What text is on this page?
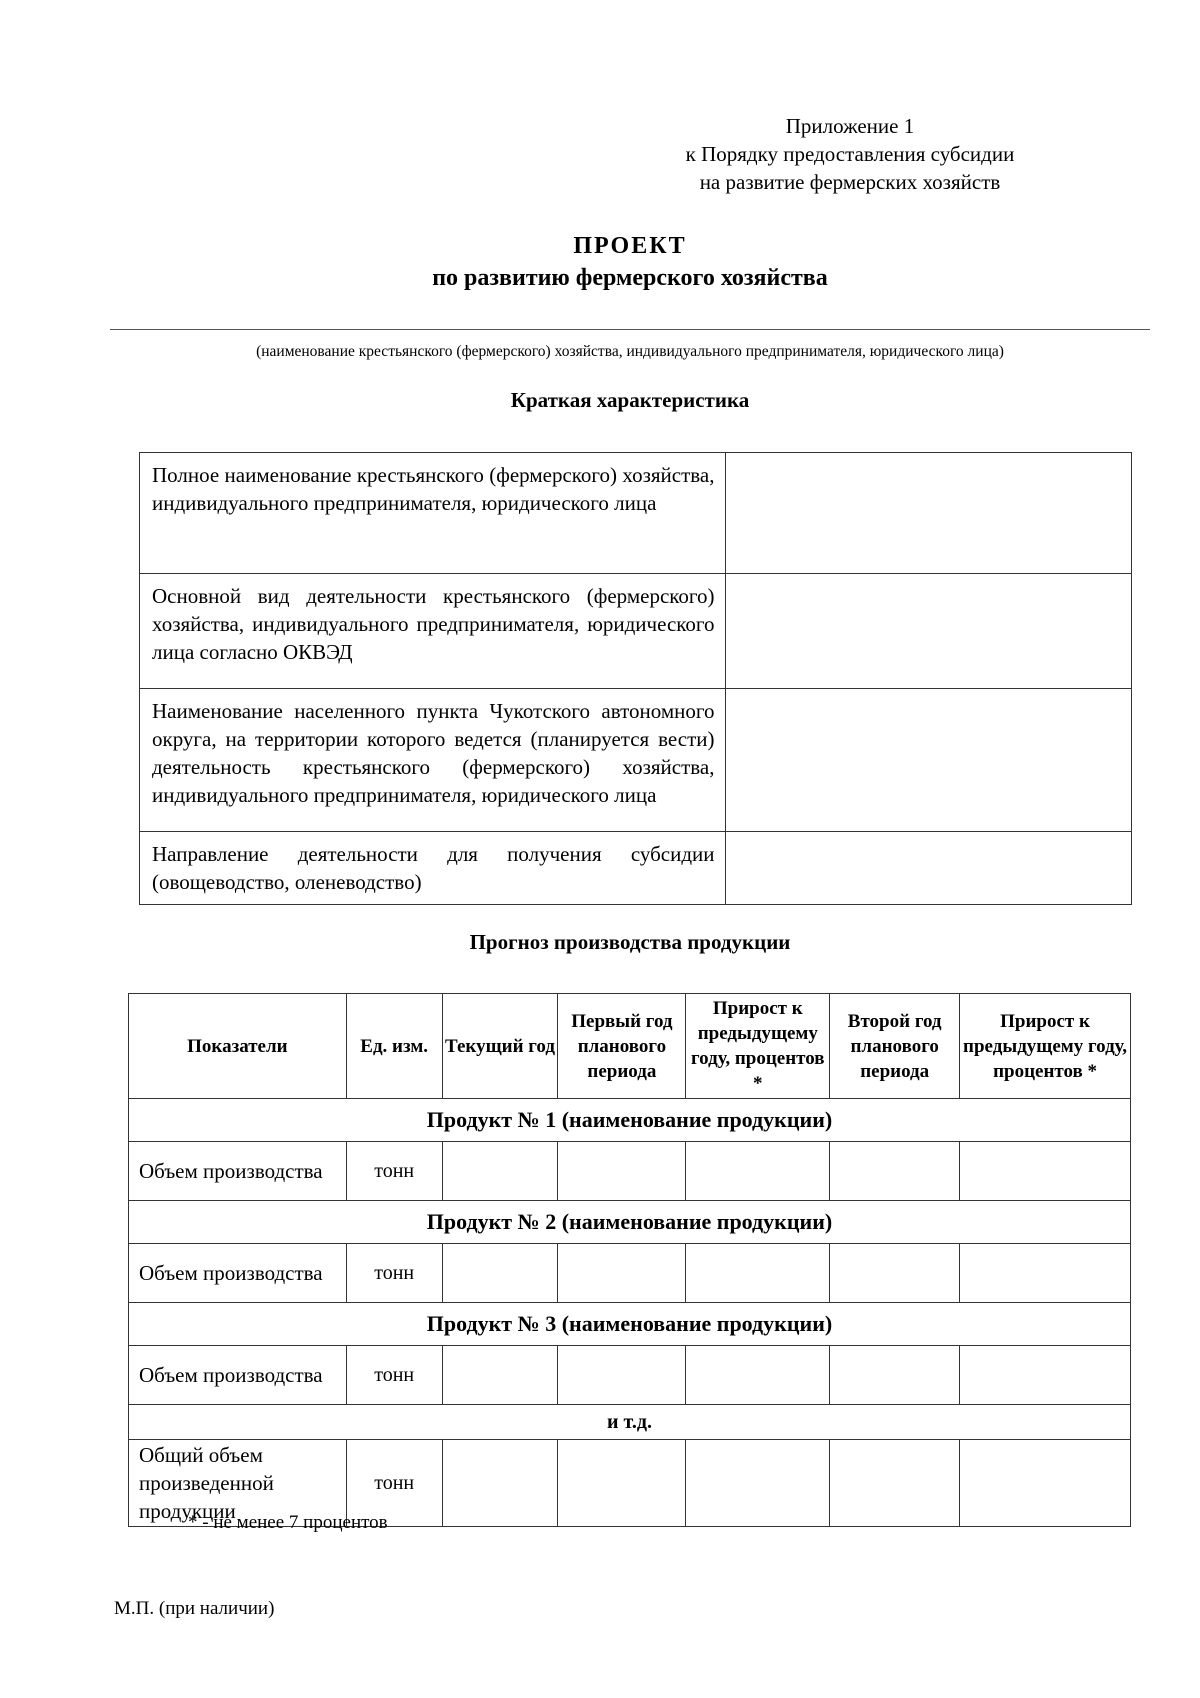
Приложение 1
к Порядку предоставления субсидии
на развитие фермерских хозяйств
ПРОЕКТ
по развитию фермерского хозяйства
(наименование крестьянского (фермерского) хозяйства, индивидуального предпринимателя, юридического лица)
Краткая характеристика
Полное наименование крестьянского (фермерского) хозяйства, индивидуального предпринимателя, юридического лица	
Основной вид деятельности крестьянского (фермерского) хозяйства, индивидуального предпринимателя, юридического лица согласно ОКВЭД	
Наименование населенного пункта Чукотского автономного округа, на территории которого ведется (планируется вести) деятельность крестьянского (фермерского) хозяйства, индивидуального предпринимателя, юридического лица	
Направление деятельности для получения субсидии (овощеводство, оленеводство)	
Прогноз производства продукции
Показатели	Ед. изм.	Текущий год	Первый год планового периода	Прирост к предыдущему году, процентов *	Второй год планового периода	Прирост к предыдущему году, процентов *
Продукт № 1 (наименование продукции)						
Объем производства	тонн					
Продукт № 2 (наименование продукции)						
Объем производства	тонн					
Продукт № 3 (наименование продукции)						
Объем производства	тонн					
и т.д.						
Общий объем произведенной продукции	тонн					
* - не менее 7 процентов
М.П. (при наличии)
